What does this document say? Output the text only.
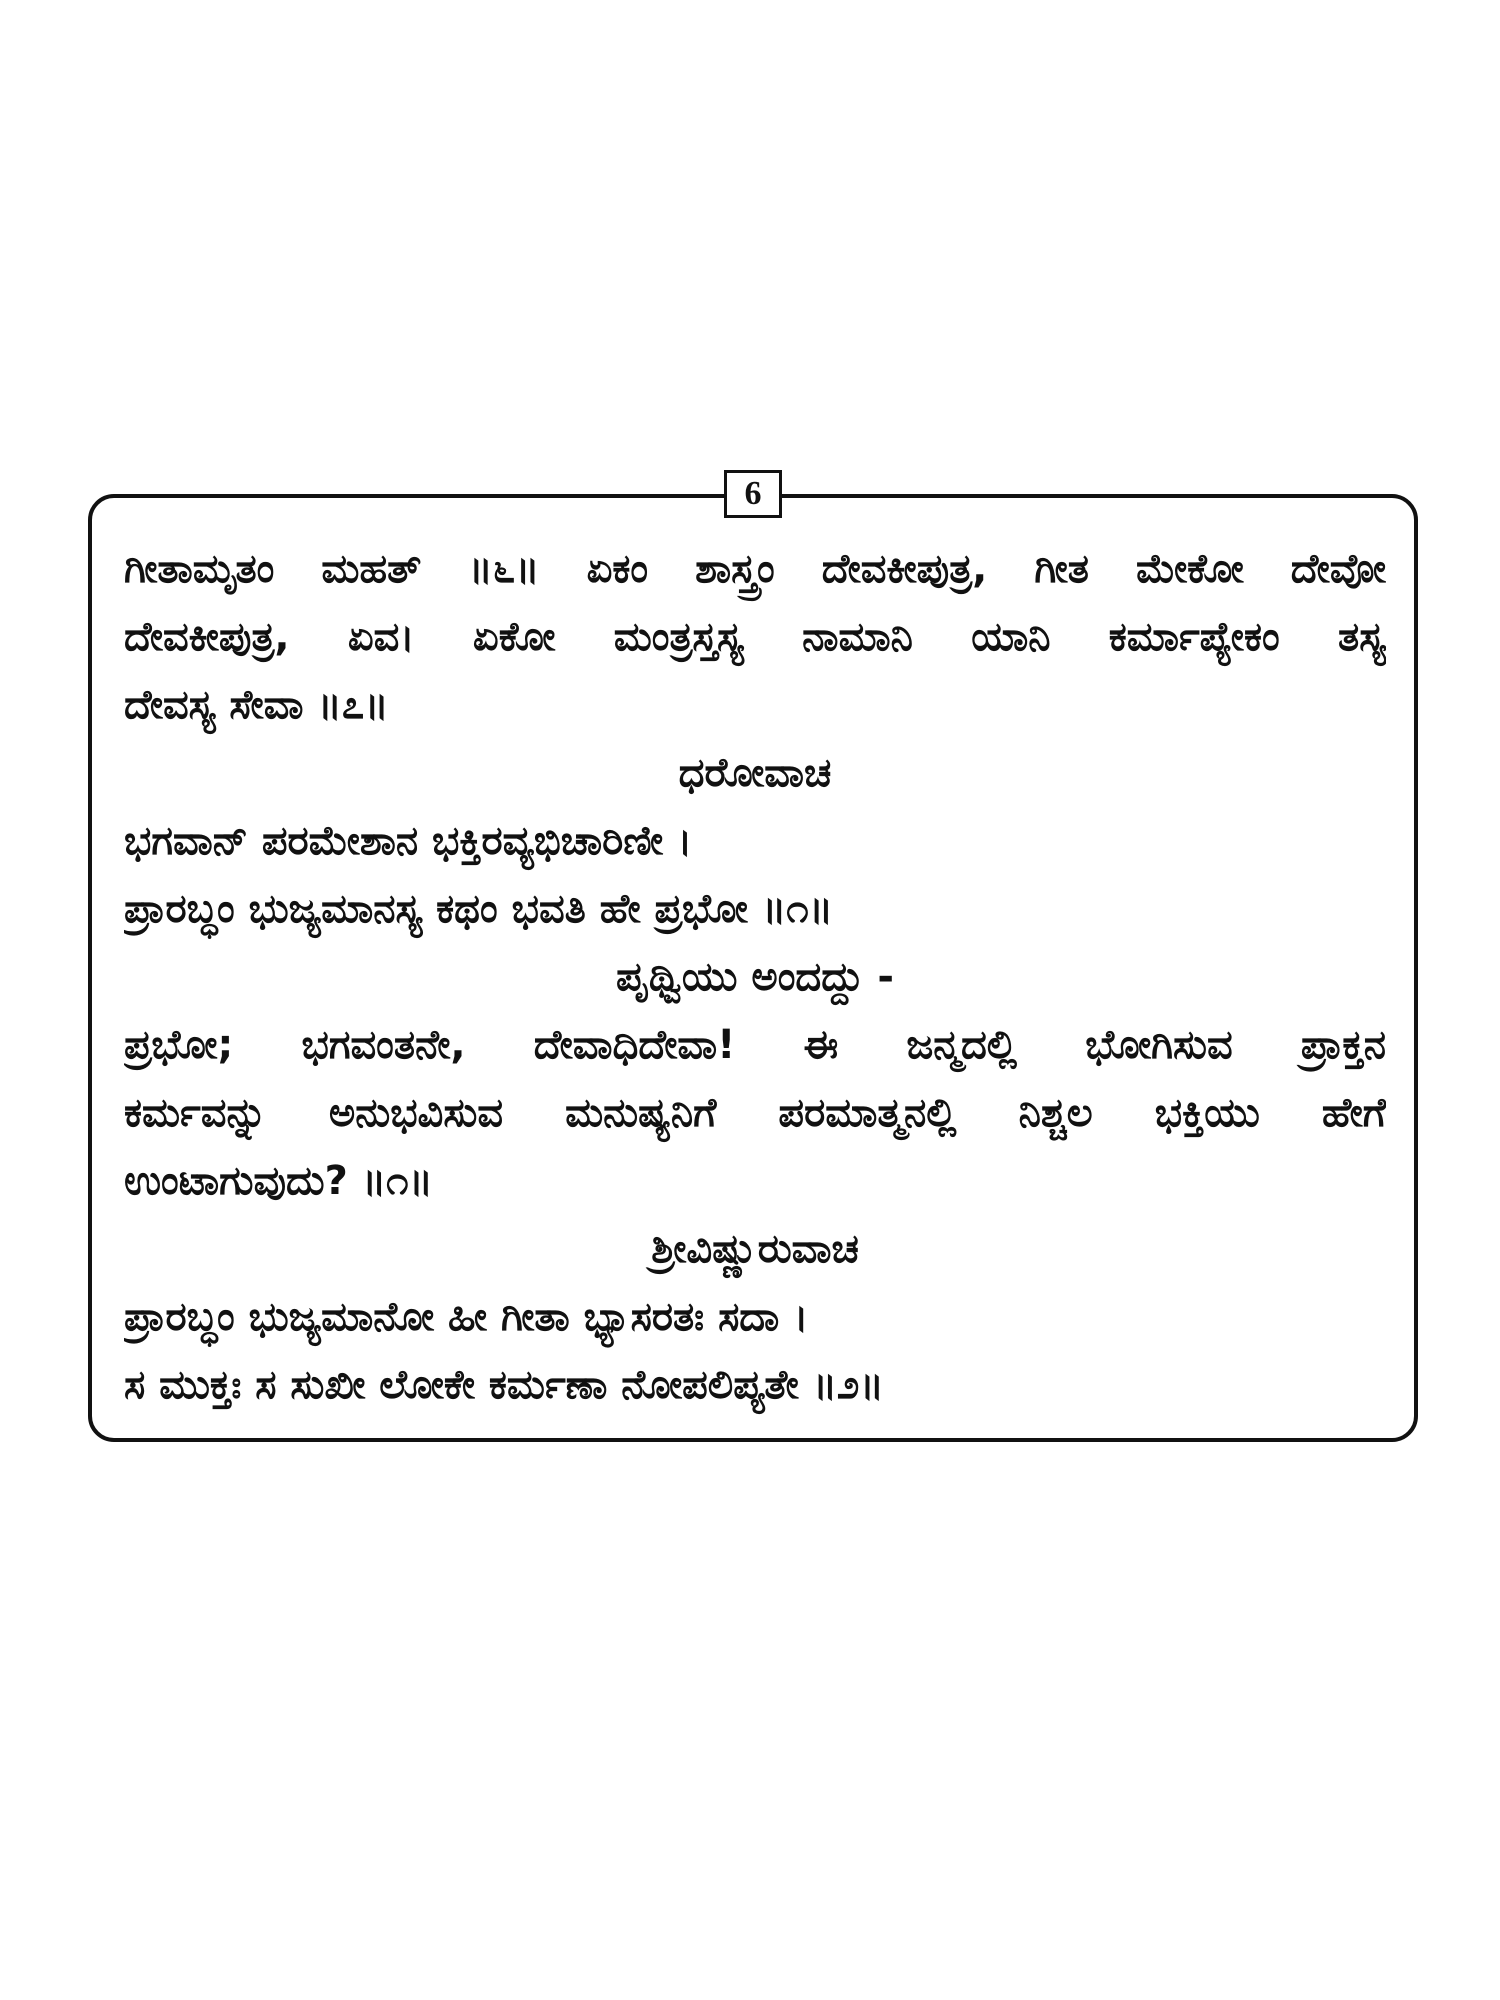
6
ಗೀತಾಮೃತಂ ಮಹತ್ ॥೬॥ ಏಕಂ ಶಾಸ್ತ್ರಂ ದೇವಕೀಪುತ್ರ, ಗೀತ ಮೇಕೋ ದೇವೋ
ದೇವಕೀಪುತ್ರ, ಏವ। ಏಕೋ ಮಂತ್ರಸ್ತಸ್ಯ ನಾಮಾನಿ ಯಾನಿ ಕರ್ಮಾಪ್ಯೇಕಂ ತಸ್ಯ
ದೇವಸ್ಯ ಸೇವಾ ॥೭॥
ಧರೋವಾಚ
ಭಗವಾನ್ ಪರಮೇಶಾನ ಭಕ್ತಿರವ್ಯಭಿಚಾರಿಣೀ ।
ಪ್ರಾರಬ್ಧಂ ಭುಜ್ಯಮಾನಸ್ಯ ಕಥಂ ಭವತಿ ಹೇ ಪ್ರಭೋ ॥೧॥
ಪೃಥ್ವಿಯು ಅಂದದ್ದು -
ಪ್ರಭೋ; ಭಗವಂತನೇ, ದೇವಾಧಿದೇವಾ! ಈ ಜನ್ಮದಲ್ಲಿ ಭೋಗಿಸುವ ಪ್ರಾಕ್ತನ
ಕರ್ಮವನ್ನು ಅನುಭವಿಸುವ ಮನುಷ್ಯನಿಗೆ ಪರಮಾತ್ಮನಲ್ಲಿ ನಿಶ್ಚಲ ಭಕ್ತಿಯು ಹೇಗೆ
ಉಂಟಾಗುವುದು? ॥೧॥
ಶ್ರೀವಿಷ್ಣುರುವಾಚ
ಪ್ರಾರಬ್ಧಂ ಭುಜ್ಯಮಾನೋ ಹೀ ಗೀತಾ ಭ್ಯಾಸರತಃ ಸದಾ ।
ಸ ಮುಕ್ತಃ ಸ ಸುಖೀ ಲೋಕೇ ಕರ್ಮಣಾ ನೋಪಲಿಪ್ಯತೇ ॥೨॥
